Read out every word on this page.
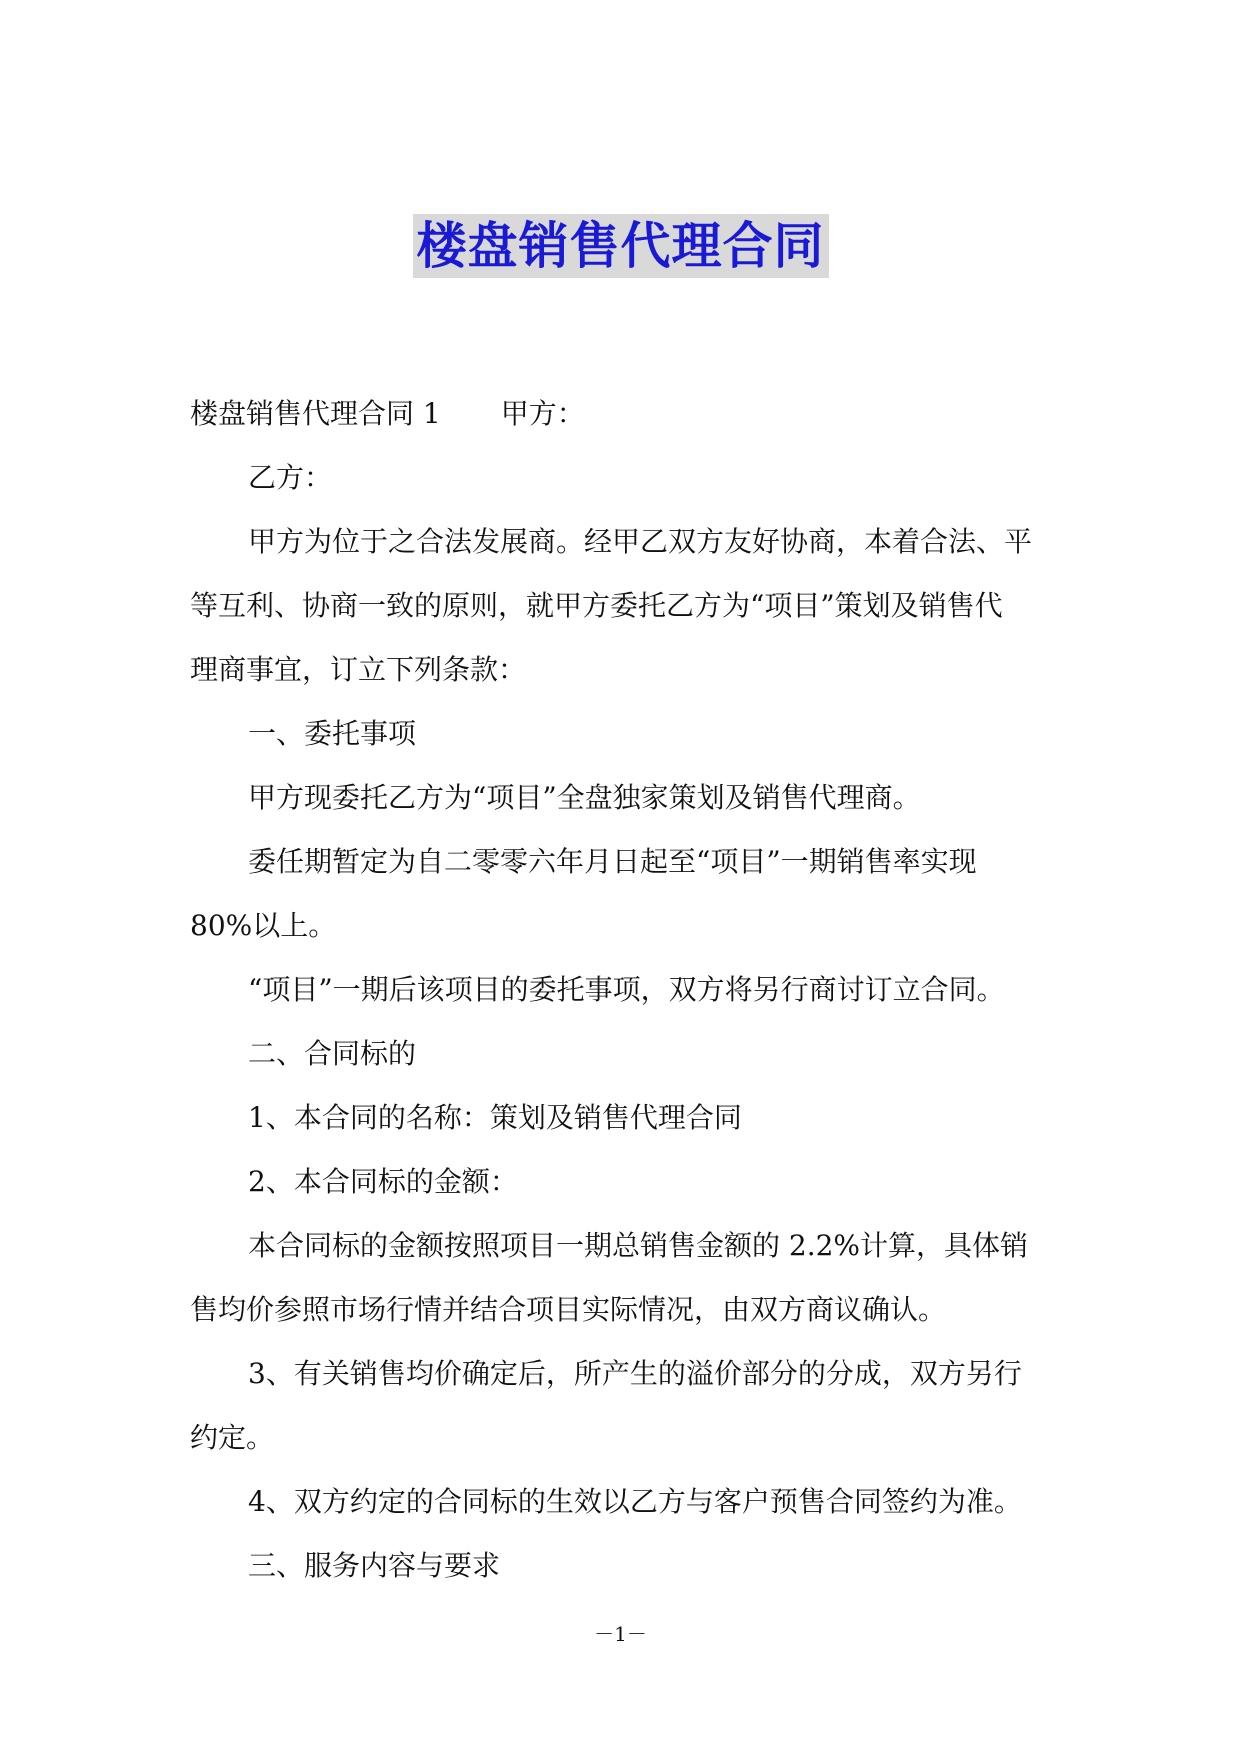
楼盘销售代理合同
楼盘销售代理合同 1 甲方：
乙方：
甲方为位于之合法发展商。经甲乙双方友好协商，本着合法、平
等互利、协商一致的原则，就甲方委托乙方为“项目”策划及销售代
理商事宜，订立下列条款：
一、委托事项
甲方现委托乙方为“项目”全盘独家策划及销售代理商。
委任期暂定为自二零零六年月日起至“项目”一期销售率实现
80%以上。
“项目”一期后该项目的委托事项，双方将另行商讨订立合同。
二、合同标的
1、本合同的名称：策划及销售代理合同
2、本合同标的金额：
本合同标的金额按照项目一期总销售金额的 2.2%计算，具体销
售均价参照市场行情并结合项目实际情况，由双方商议确认。
3、有关销售均价确定后，所产生的溢价部分的分成，双方另行
约定。
4、双方约定的合同标的生效以乙方与客户预售合同签约为准。
三、服务内容与要求
－1－
